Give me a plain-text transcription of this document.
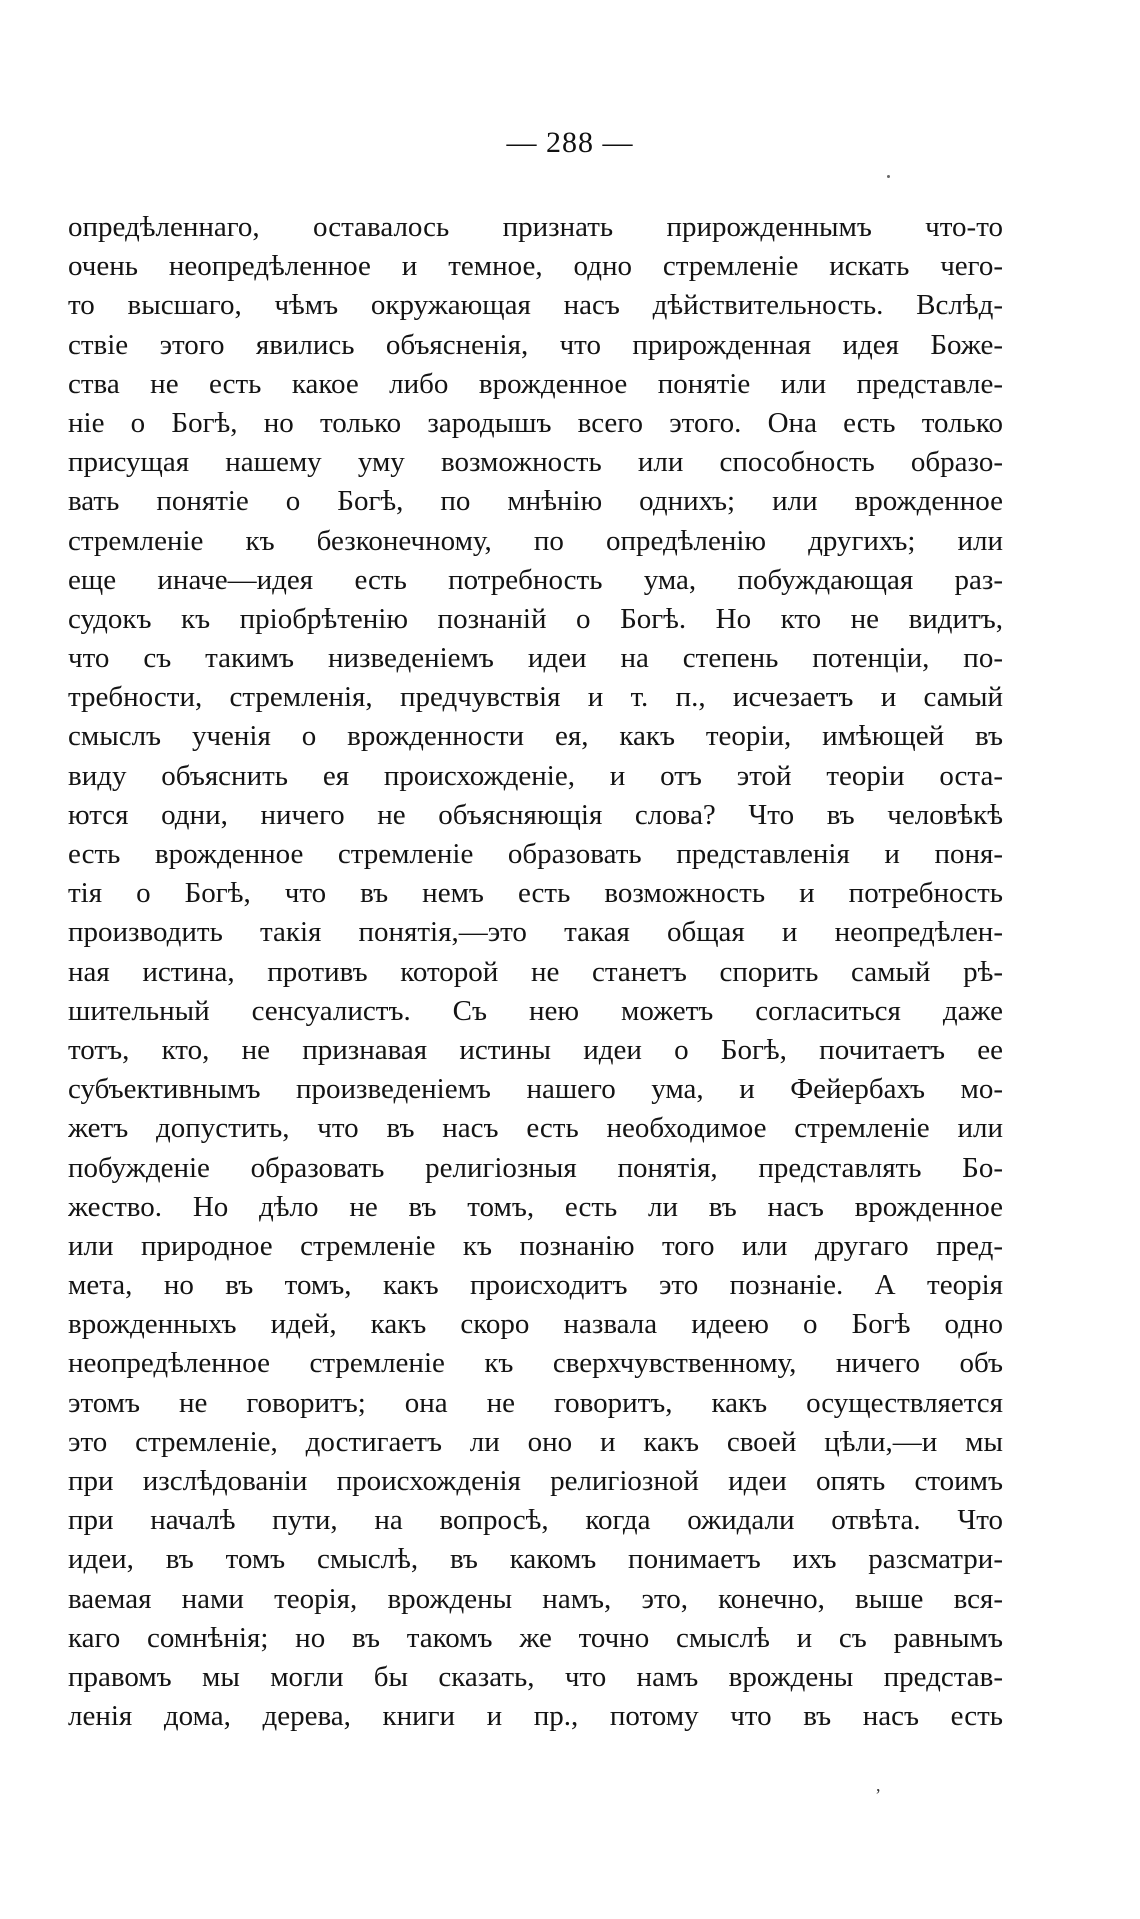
— 288 —
опредѣленнаго, оставалось признать прирожденнымъ что-то
очень неопредѣленное и темное, одно стремленіе искать чего-
то высшаго, чѣмъ окружающая насъ дѣйствительность. Вслѣд-
ствіе этого явились объясненія, что прирожденная идея Боже-
ства не есть какое либо врожденное понятіе или представле-
ніе о Богѣ, но только зародышъ всего этого. Она есть только
присущая нашему уму возможность или способность образо-
вать понятіе о Богѣ, по мнѣнію однихъ; или врожденное
стремленіе къ безконечному, по опредѣленію другихъ; или
еще иначе—идея есть потребность ума, побуждающая раз-
судокъ къ пріобрѣтенію познаній о Богѣ. Но кто не видитъ,
что съ такимъ низведеніемъ идеи на степень потенціи, по-
требности, стремленія, предчувствія и т. п., исчезаетъ и самый
смыслъ ученія о врожденности ея, какъ теоріи, имѣющей въ
виду объяснить ея происхожденіе, и отъ этой теоріи оста-
ются одни, ничего не объясняющія слова? Что въ человѣкѣ
есть врожденное стремленіе образовать представленія и поня-
тія о Богѣ, что въ немъ есть возможность и потребность
производить такія понятія,—это такая общая и неопредѣлен-
ная истина, противъ которой не станетъ спорить самый рѣ-
шительный сенсуалистъ. Съ нею можетъ согласиться даже
тотъ, кто, не признавая истины идеи о Богѣ, почитаетъ ее
субъективнымъ произведеніемъ нашего ума, и Фейербахъ мо-
жетъ допустить, что въ насъ есть необходимое стремленіе или
побужденіе образовать религіозныя понятія, представлять Бо-
жество. Но дѣло не въ томъ, есть ли въ насъ врожденное
или природное стремленіе къ познанію того или другаго пред-
мета, но въ томъ, какъ происходитъ это познаніе. А теорія
врожденныхъ идей, какъ скоро назвала идеею о Богѣ одно
неопредѣленное стремленіе къ сверхчувственному, ничего объ
этомъ не говоритъ; она не говоритъ, какъ осуществляется
это стремленіе, достигаетъ ли оно и какъ своей цѣли,—и мы
при изслѣдованіи происхожденія религіозной идеи опять стоимъ
при началѣ пути, на вопросѣ, когда ожидали отвѣта. Что
идеи, въ томъ смыслѣ, въ какомъ понимаетъ ихъ разсматри-
ваемая нами теорія, врождены намъ, это, конечно, выше вся-
каго сомнѣнія; но въ такомъ же точно смыслѣ и съ равнымъ
правомъ мы могли бы сказать, что намъ врождены представ-
ленія дома, дерева, книги и пр., потому что въ насъ есть
,
